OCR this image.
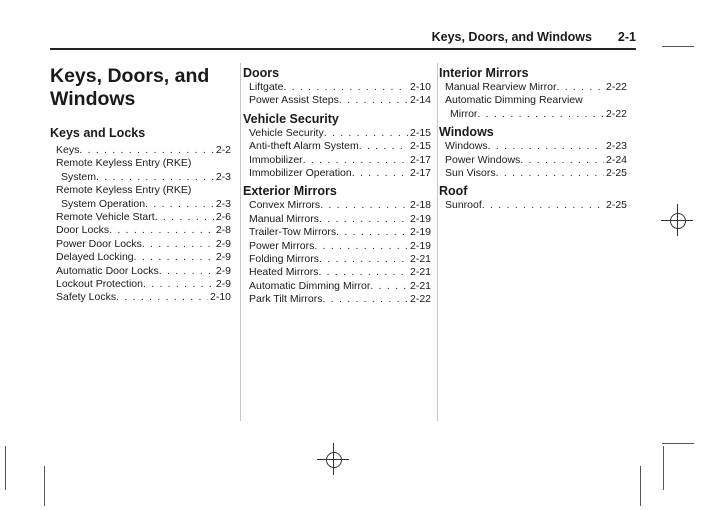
Keys, Doors, and Windows 2-1
Keys, Doors, and
Windows
Keys and Locks
Keys . . .	2-2
Remote Keyless Entry (RKE)
System . . .	2-3
Remote Keyless Entry (RKE)
System Operation . . .	2-3
Remote Vehicle Start . . .	2-6
Door Locks . . .	2-8
Power Door Locks . . .	2-9
Delayed Locking . . .	2-9
Automatic Door Locks . . .	2-9
Lockout Protection . . .	2-9
Safety Locks . . .	2-10
Doors
Liftgate . . .	2-10
Power Assist Steps . . .	2-14
Vehicle Security
Vehicle Security . . .	2-15
Anti-theft Alarm System . . .	2-15
Immobilizer . . .	2-17
Immobilizer Operation . . .	2-17
Exterior Mirrors
Convex Mirrors . . .	2-18
Manual Mirrors . . .	2-19
Trailer-Tow Mirrors . . .	2-19
Power Mirrors . . .	2-19
Folding Mirrors . . .	2-21
Heated Mirrors . . .	2-21
Automatic Dimming Mirror . . .	2-21
Park Tilt Mirrors . . .	2-22
Interior Mirrors
Manual Rearview Mirror . . .	2-22
Automatic Dimming Rearview
Mirror . . .	2-22
Windows
Windows . . .	2-23
Power Windows . . .	2-24
Sun Visors . . .	2-25
Roof
Sunroof . . .	2-25
